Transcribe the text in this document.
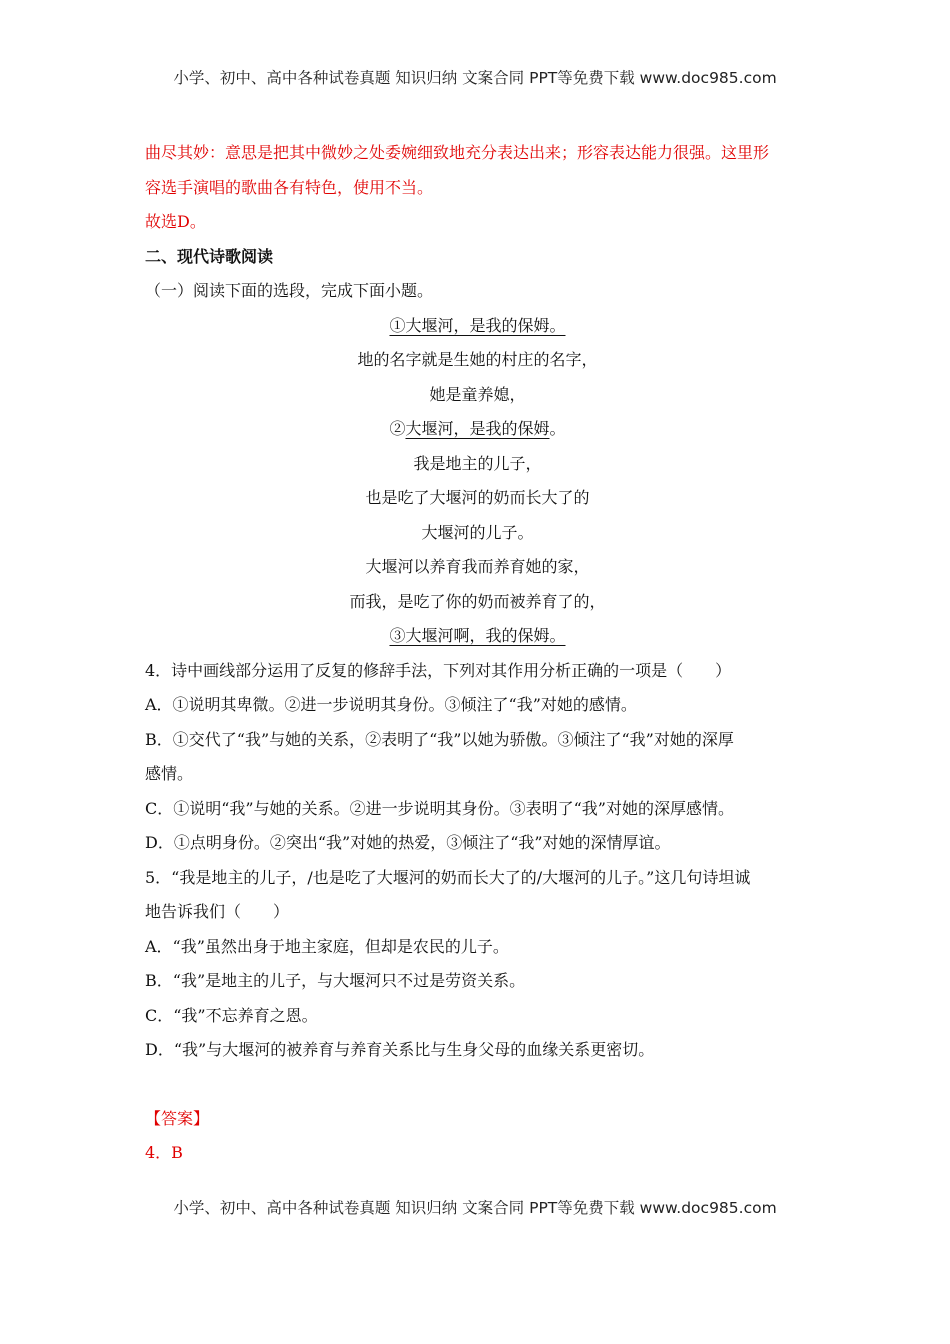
小学、初中、高中各种试卷真题 知识归纳 文案合同 PPT等免费下载 www.doc985.com
曲尽其妙：意思是把其中微妙之处委婉细致地充分表达出来；形容表达能力很强。这里形
容选手演唱的歌曲各有特色，使用不当。
故选D。
二、现代诗歌阅读
（一）阅读下面的选段，完成下面小题。
①大堰河，是我的保姆。
地的名字就是生她的村庄的名字，
她是童养媳，
②大堰河，是我的保姆。
我是地主的儿子，
也是吃了大堰河的奶而长大了的
大堰河的儿子。
大堰河以养育我而养育她的家，
而我，是吃了你的奶而被养育了的，
③大堰河啊，我的保姆。
4．诗中画线部分运用了反复的修辞手法，下列对其作用分析正确的一项是（　　）
A．①说明其卑微。②进一步说明其身份。③倾注了“我”对她的感情。
B．①交代了“我”与她的关系，②表明了“我”以她为骄傲。③倾注了“我”对她的深厚
感情。
C．①说明“我”与她的关系。②进一步说明其身份。③表明了“我”对她的深厚感情。
D．①点明身份。②突出“我”对她的热爱，③倾注了“我”对她的深情厚谊。
5．“我是地主的儿子，/也是吃了大堰河的奶而长大了的/大堰河的儿子。”这几句诗坦诚
地告诉我们（　　）
A．“我”虽然出身于地主家庭，但却是农民的儿子。
B．“我”是地主的儿子，与大堰河只不过是劳资关系。
C．“我”不忘养育之恩。
D．“我”与大堰河的被养育与养育关系比与生身父母的血缘关系更密切。
【答案】
4．B
小学、初中、高中各种试卷真题 知识归纳 文案合同 PPT等免费下载 www.doc985.com
